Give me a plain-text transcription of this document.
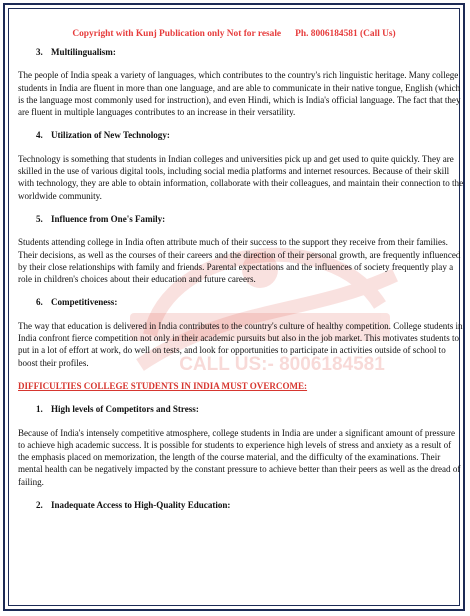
Copyright with Kunj Publication only Not for resale Ph. 8006184581 (Call Us)
CALL US:- 8006184581
3. Multilingualism:

The people of India speak a variety of languages, which contributes to the country's rich linguistic heritage. Many college students in India are fluent in more than one language, and are able to communicate in their native tongue, English (which is the language most commonly used for instruction), and even Hindi, which is India's official language. The fact that they are fluent in multiple languages contributes to an increase in their versatility.

4. Utilization of New Technology:

Technology is something that students in Indian colleges and universities pick up and get used to quite quickly. They are skilled in the use of various digital tools, including social media platforms and internet resources. Because of their skill with technology, they are able to obtain information, collaborate with their colleagues, and maintain their connection to the worldwide community.

5. Influence from One's Family:

Students attending college in India often attribute much of their success to the support they receive from their families. Their decisions, as well as the courses of their careers and the direction of their personal growth, are frequently influenced by their close relationships with family and friends. Parental expectations and the influences of society frequently play a role in children's choices about their education and future careers.

6. Competitiveness:

The way that education is delivered in India contributes to the country's culture of healthy competition. College students in India confront fierce competition not only in their academic pursuits but also in the job market. This motivates students to put in a lot of effort at work, do well on tests, and look for opportunities to participate in activities outside of school to boost their profiles.

DIFFICULTIES COLLEGE STUDENTS IN INDIA MUST OVERCOME:
1. High levels of Competitors and Stress:

Because of India's intensely competitive atmosphere, college students in India are under a significant amount of pressure to achieve high academic success. It is possible for students to experience high levels of stress and anxiety as a result of the emphasis placed on memorization, the length of the course material, and the difficulty of the examinations. Their mental health can be negatively impacted by the constant pressure to achieve better than their peers as well as the dread of failing.

2. Inadequate Access to High-Quality Education:
